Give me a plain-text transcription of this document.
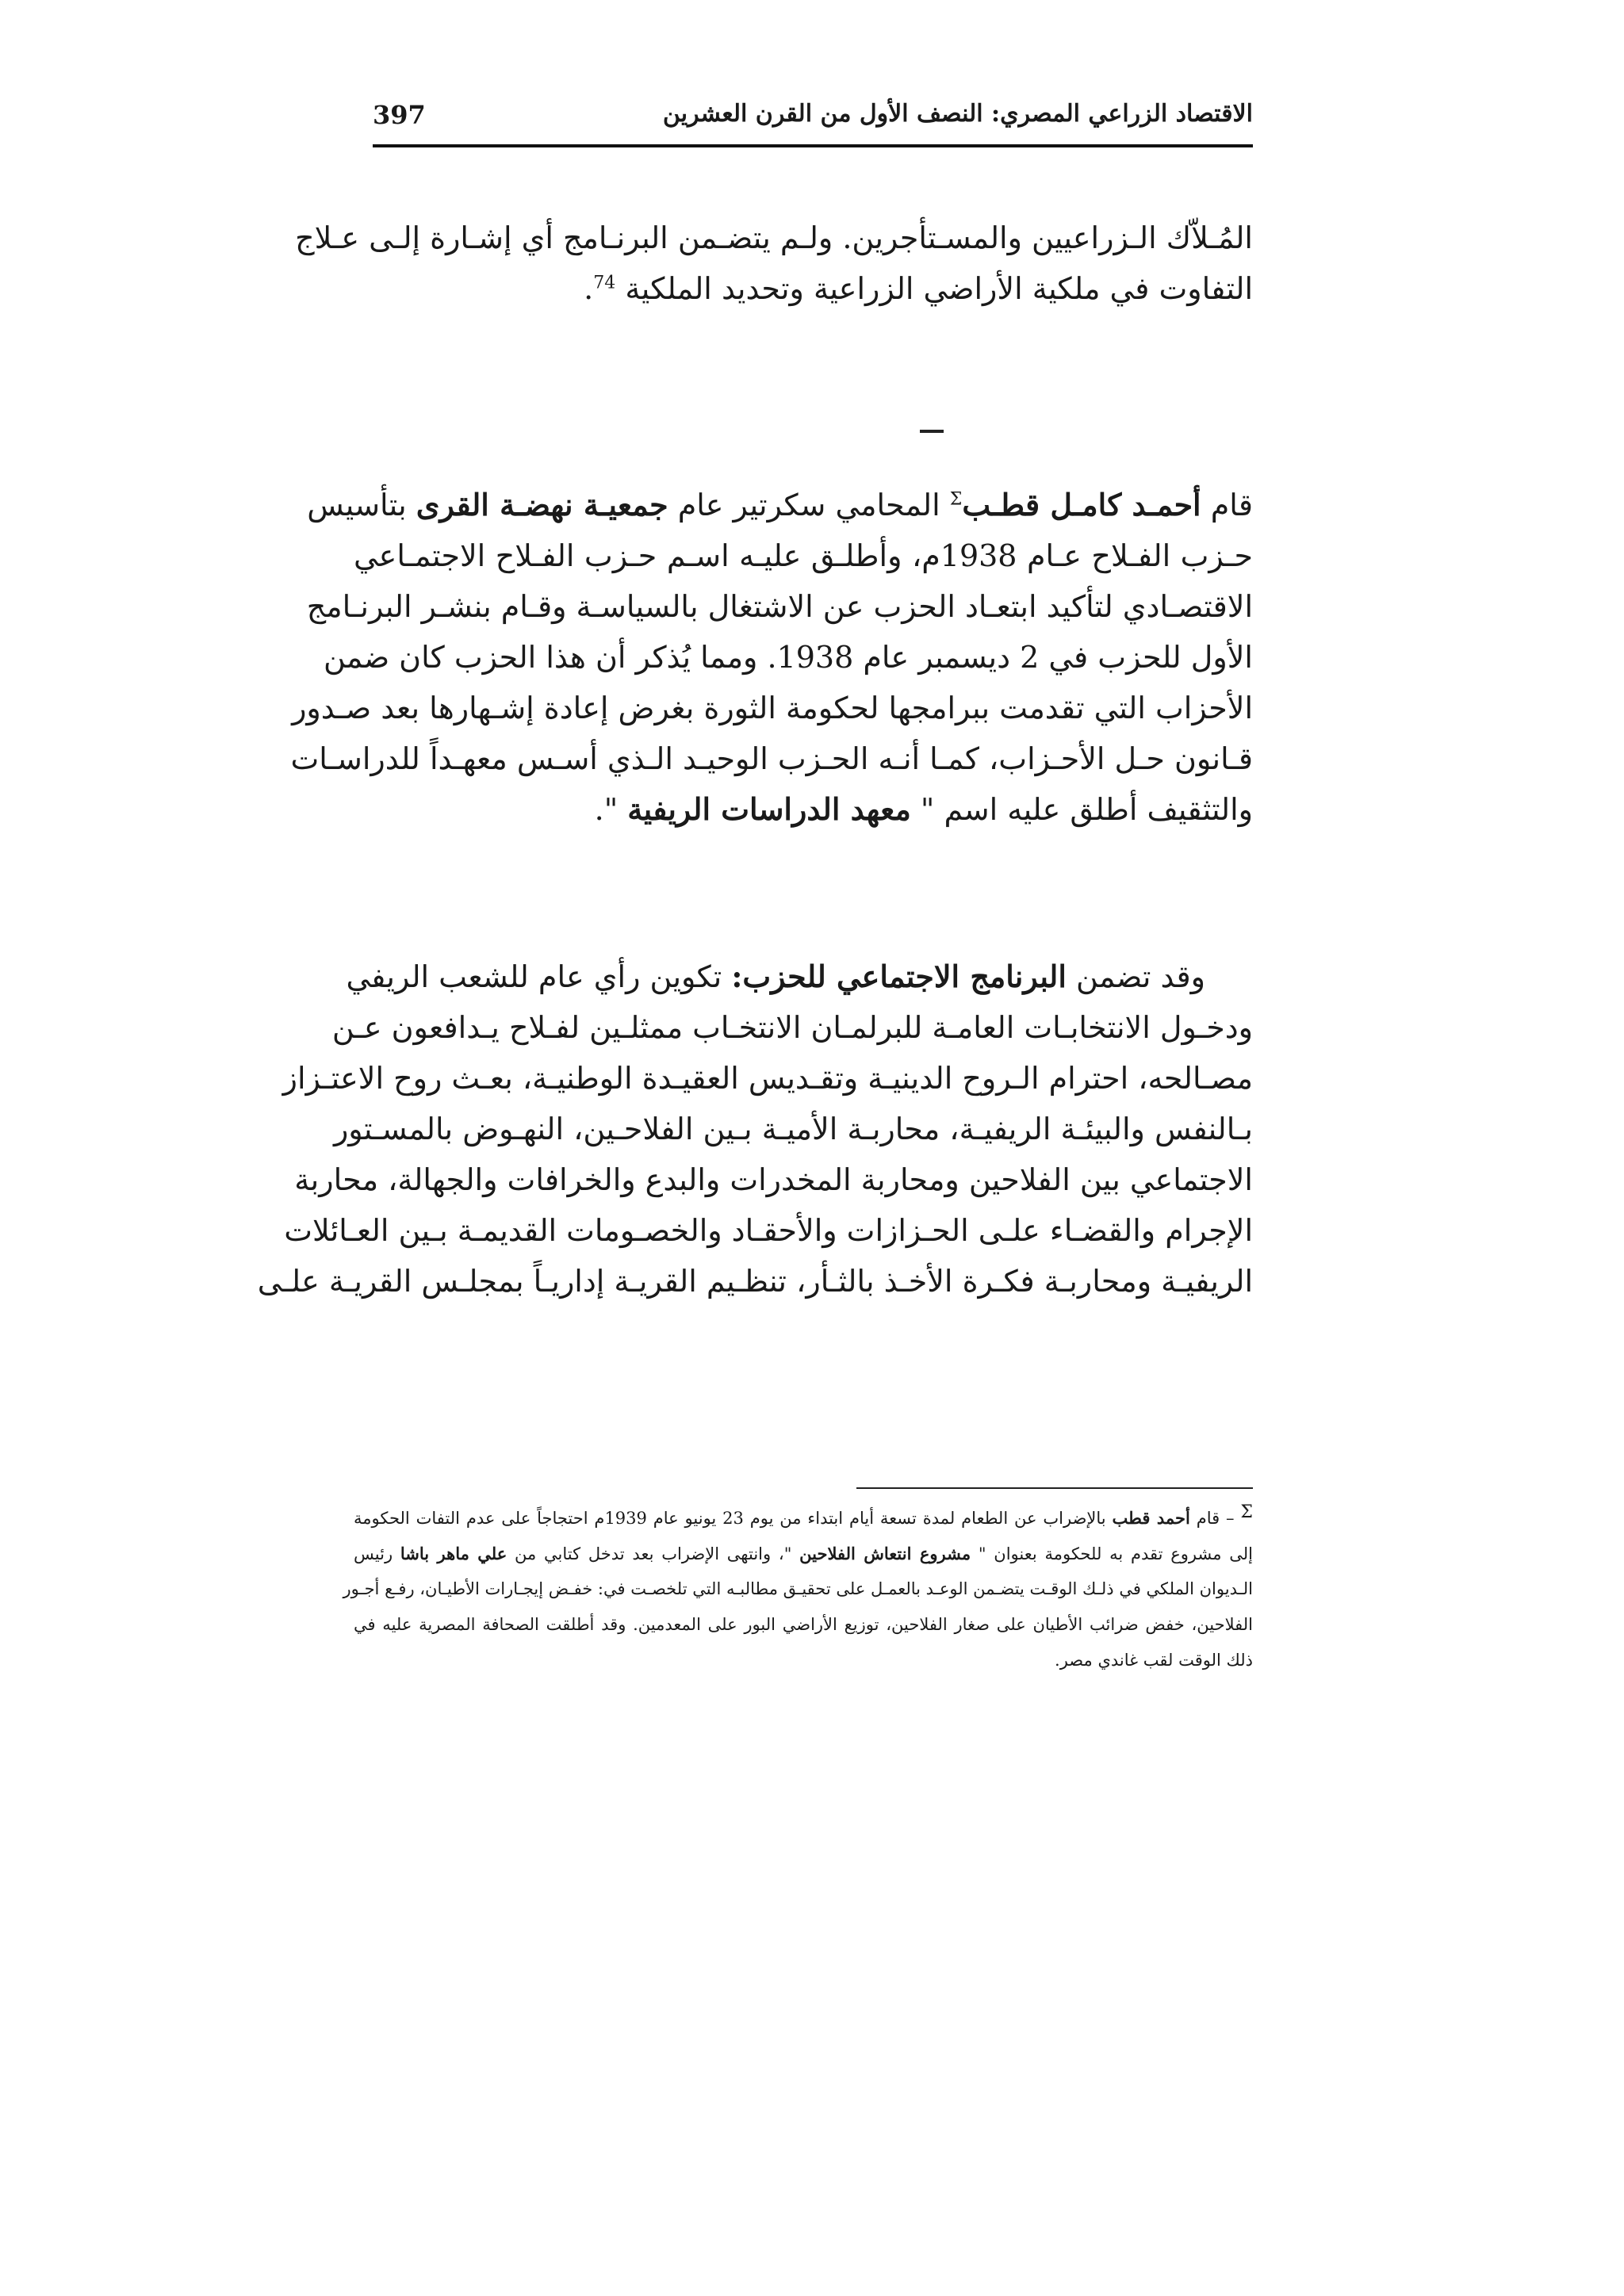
الاقتصاد الزراعي المصري: النصف الأول من القرن العشرين
397
المُـلاّك الـزراعيين والمسـتأجرين. ولـم يتضـمن البرنـامج أي إشـارة إلـى عـلاج
التفاوت في ملكية الأراضي الزراعية وتحديد الملكية $^{74}$.
قام أحمـد كامـل قطـب$^\Sigma$ المحامي سكرتير عام جمعيـة نهضـة القرى بتأسيس
حـزب الفـلاح عـام 1938م، وأطلـق عليـه اسـم حـزب الفـلاح الاجتمـاعي
الاقتصـادي لتأكيد ابتعـاد الحزب عن الاشتغال بالسياسـة وقـام بنشـر البرنـامج
الأول للحزب في 2 ديسمبر عام 1938. ومما يُذكر أن هذا الحزب كان ضمن
الأحزاب التي تقدمت ببرامجها لحكومة الثورة بغرض إعادة إشـهارها بعد صـدور
قـانون حـل الأحـزاب، كمـا أنـه الحـزب الوحيـد الـذي أسـس معهـداً للدراسـات
والتثقيف أطلق عليه اسم " معهد الدراسات الريفية ".
وقد تضمن البرنامج الاجتماعي للحزب: تكوين رأي عام للشعب الريفي
ودخـول الانتخابـات العامـة للبرلمـان الانتخـاب ممثلـين لفـلاح يـدافعون عـن
مصـالحه، احترام الـروح الدينيـة وتقـديس العقيـدة الوطنيـة، بعـث روح الاعتـزاز
بـالنفس والبيئـة الريفيـة، محاربـة الأميـة بـين الفلاحـين، النهـوض بالمسـتور
الاجتماعي بين الفلاحين ومحاربة المخدرات والبدع والخرافات والجهالة، محاربة
الإجرام والقضـاء علـى الحـزازات والأحقـاد والخصـومات القديمـة بـين العـائلات
الريفيـة ومحاربـة فكـرة الأخـذ بالثـأر، تنظـيم القريـة إداريـاً بمجلـس القريـة علـى
$^\Sigma$ – قام أحمد قطب بالإضراب عن الطعام لمدة تسعة أيام ابتداء من يوم 23 يونيو عام 1939م احتجاجاً على عدم التفات الحكومة
إلى مشروع تقدم به للحكومة بعنوان " مشروع انتعاش الفلاحين "، وانتهى الإضراب بعد تدخل كتابي من علي ماهر باشا رئيس
الـديوان الملكي في ذلـك الوقـت يتضـمن الوعـد بالعمـل على تحقيـق مطالبـه التي تلخصـت في: خفـض إيجـارات الأطيـان، رفـع أجـور
الفلاحين، خفض ضرائب الأطيان على صغار الفلاحين، توزيع الأراضي البور على المعدمين. وقد أطلقت الصحافة المصرية عليه في
ذلك الوقت لقب غاندي مصر.
